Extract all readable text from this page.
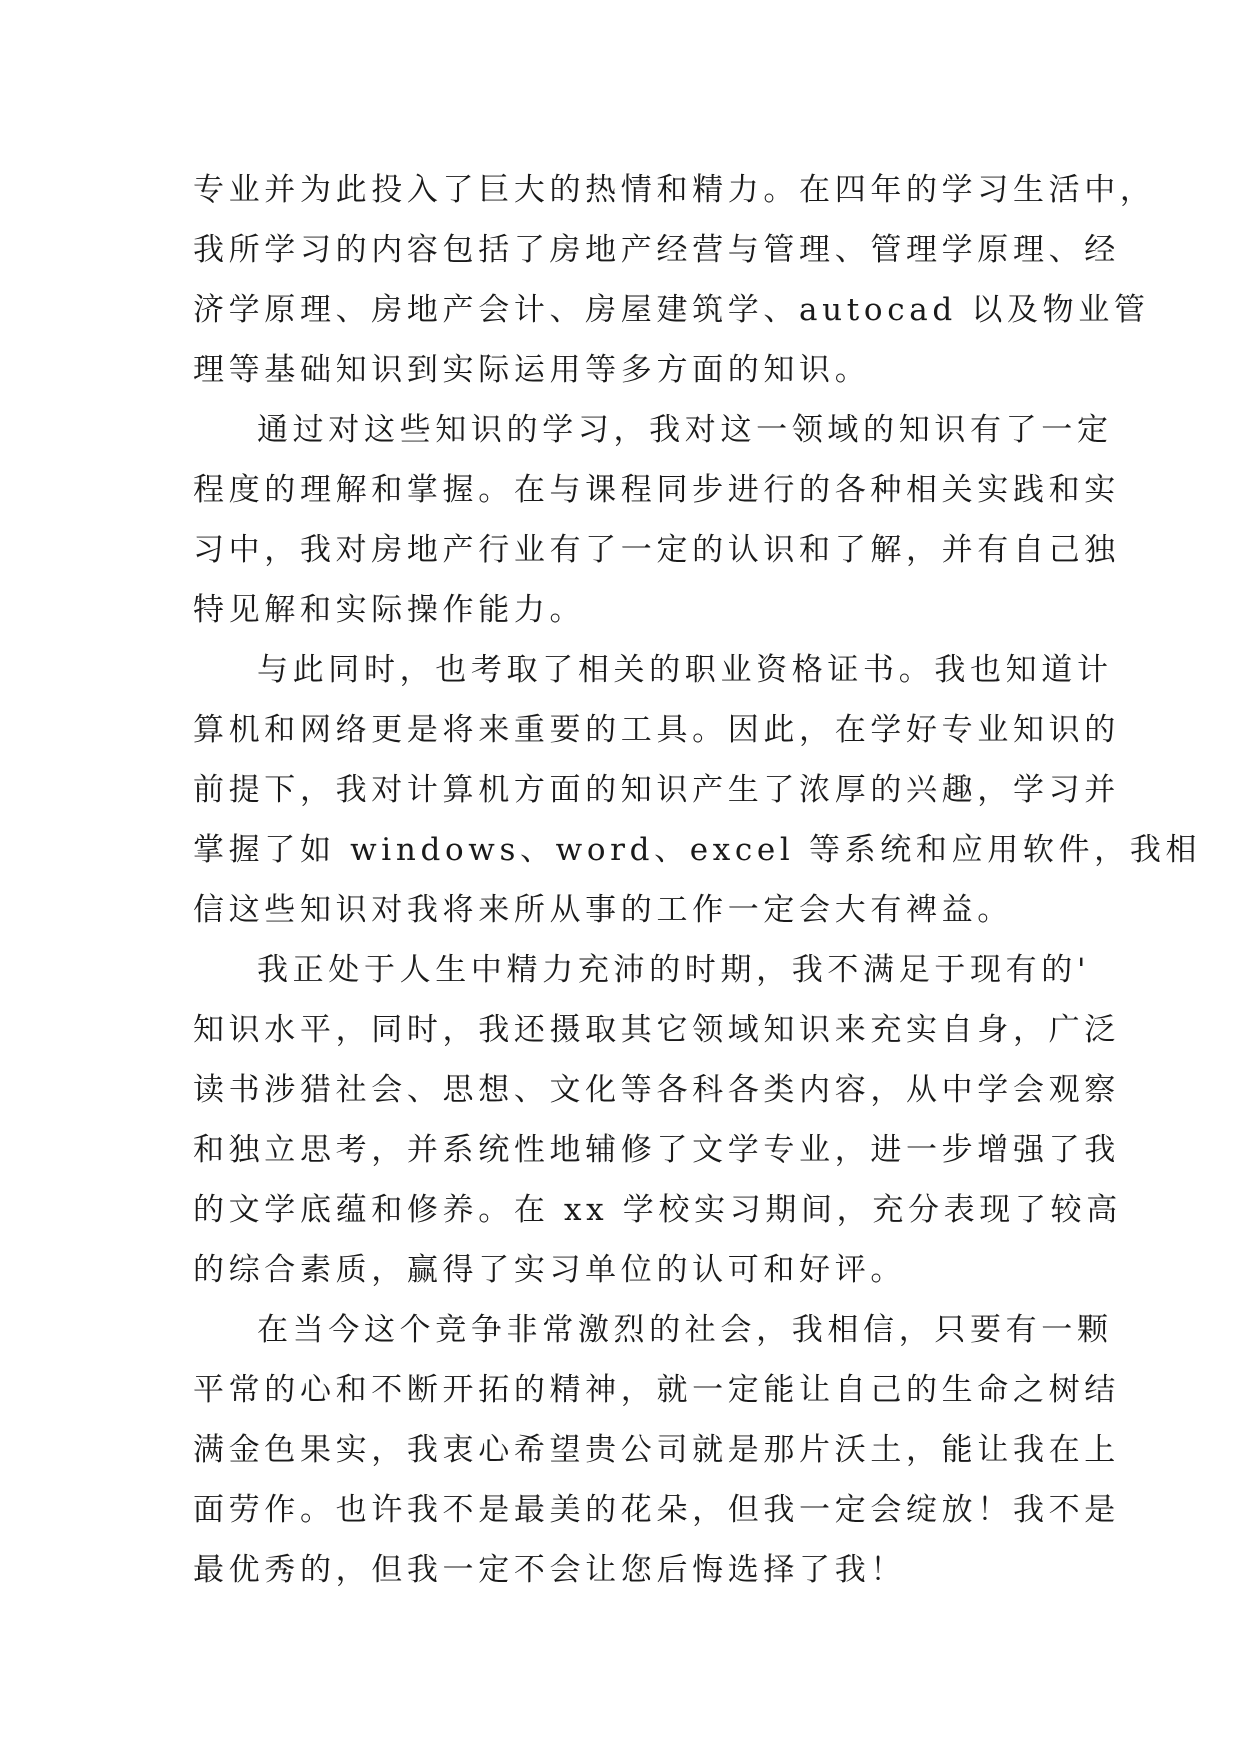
专业并为此投入了巨大的热情和精力。在四年的学习生活中，
我所学习的内容包括了房地产经营与管理、管理学原理、经
济学原理、房地产会计、房屋建筑学、autocad 以及物业管
理等基础知识到实际运用等多方面的知识。
通过对这些知识的学习，我对这一领域的知识有了一定
程度的理解和掌握。在与课程同步进行的各种相关实践和实
习中，我对房地产行业有了一定的认识和了解，并有自己独
特见解和实际操作能力。
与此同时，也考取了相关的职业资格证书。我也知道计
算机和网络更是将来重要的工具。因此，在学好专业知识的
前提下，我对计算机方面的知识产生了浓厚的兴趣，学习并
掌握了如 windows、word、excel 等系统和应用软件，我相
信这些知识对我将来所从事的工作一定会大有裨益。
我正处于人生中精力充沛的时期，我不满足于现有的'
知识水平，同时，我还摄取其它领域知识来充实自身，广泛
读书涉猎社会、思想、文化等各科各类内容，从中学会观察
和独立思考，并系统性地辅修了文学专业，进一步增强了我
的文学底蕴和修养。在 xx 学校实习期间，充分表现了较高
的综合素质，赢得了实习单位的认可和好评。
在当今这个竞争非常激烈的社会，我相信，只要有一颗
平常的心和不断开拓的精神，就一定能让自己的生命之树结
满金色果实，我衷心希望贵公司就是那片沃土，能让我在上
面劳作。也许我不是最美的花朵，但我一定会绽放！我不是
最优秀的，但我一定不会让您后悔选择了我！
